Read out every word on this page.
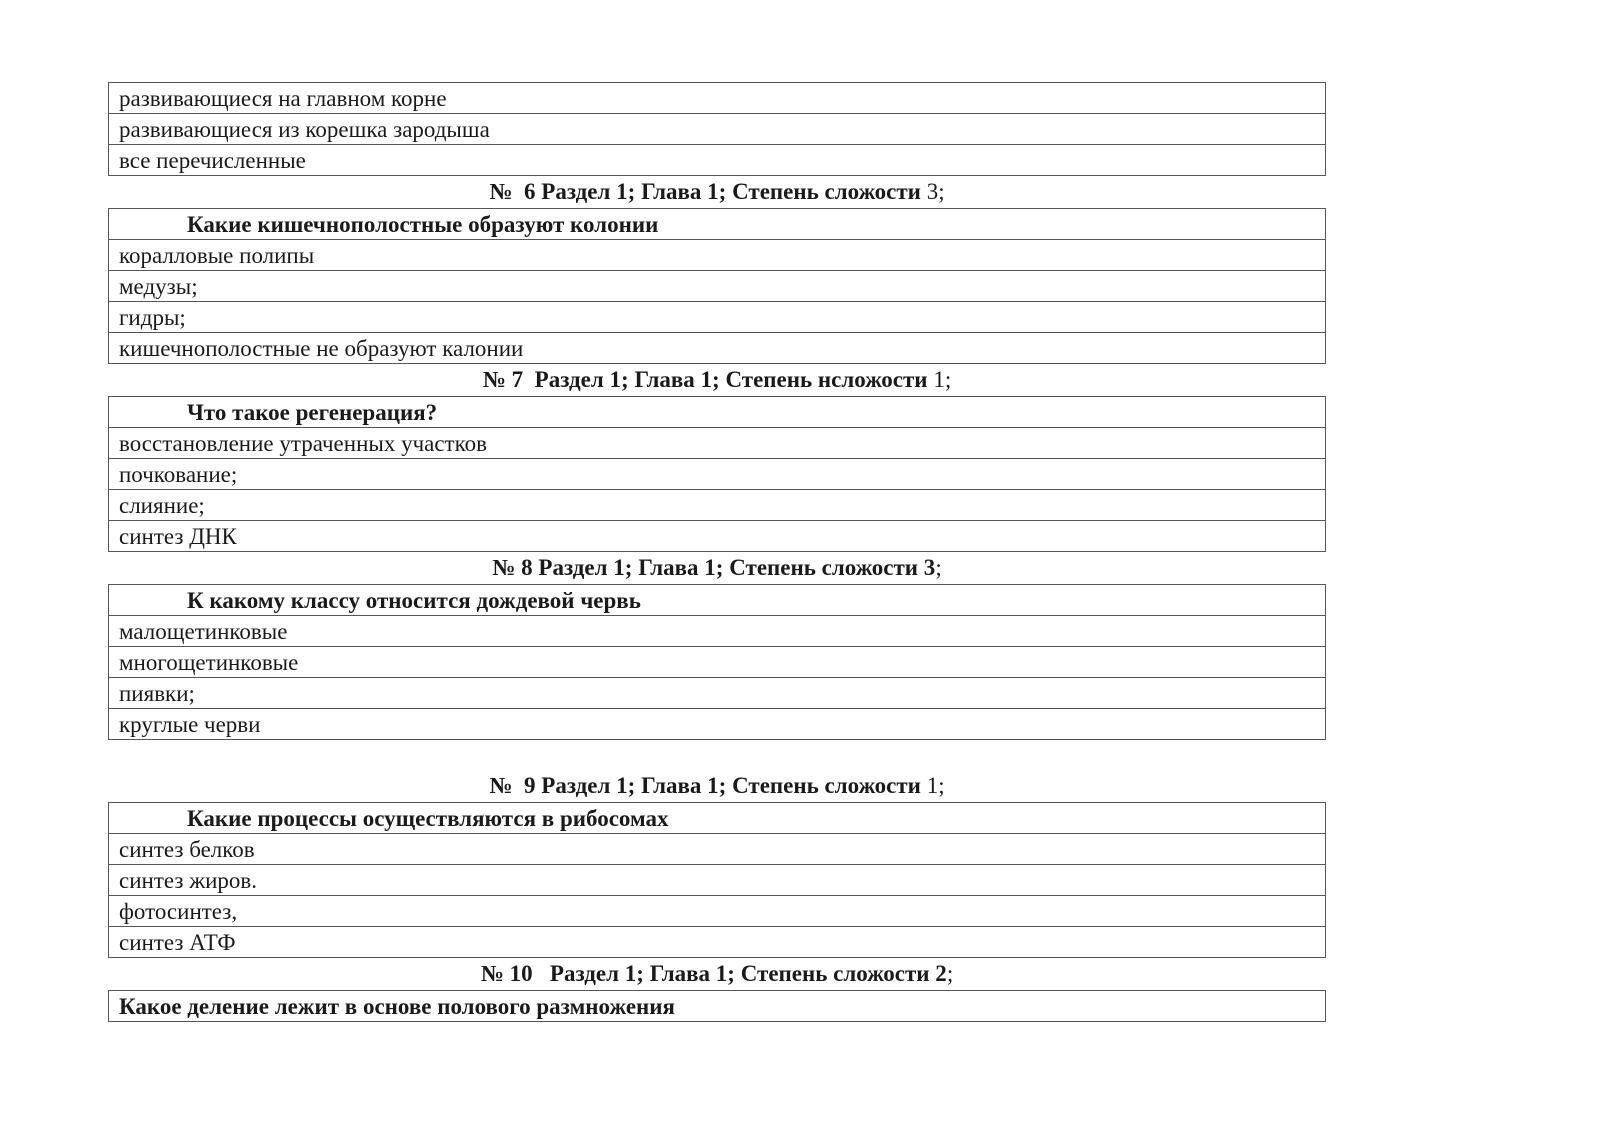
развивающиеся на главном корне
развивающиеся из корешка зародыша
все перечисленные
№  6 Раздел 1; Глава 1; Степень сложости 3;
Какие кишечнополостные образуют колонии
коралловые полипы
медузы;
гидры;
кишечнополостные не образуют калонии
№ 7  Раздел 1; Глава 1; Степень нсложости 1;
Что такое регенерация?
восстановление утраченных участков
почкование;
слияние;
синтез ДНК
№ 8 Раздел 1; Глава 1; Степень сложости 3;
К какому классу относится дождевой червь
малощетинковые
многощетинковые
пиявки;
круглые черви
№  9 Раздел 1; Глава 1; Степень сложости 1;
Какие процессы осуществляются в рибосомах
синтез белков
синтез жиров.
фотосинтез,
синтез АТФ
№ 10   Раздел 1; Глава 1; Степень сложости 2;
Какое деление лежит в основе полового размножения
